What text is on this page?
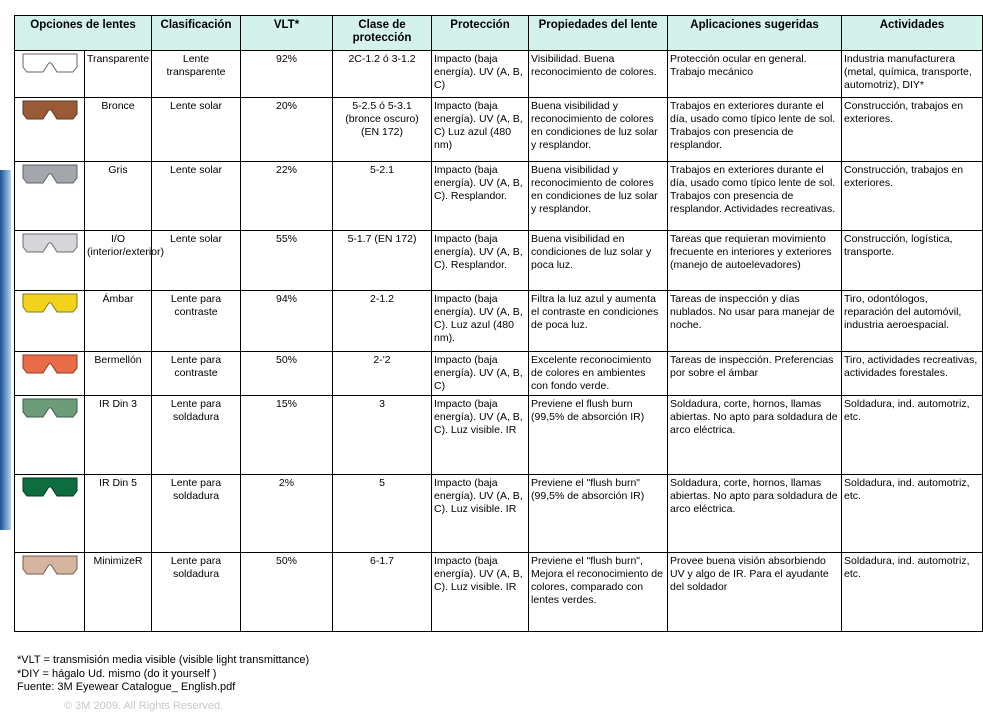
Opciones de lentes		Clasificación	VLT*	Clase de protección	Protección	Propiedades del lente	Aplicaciones sugeridas	Actividades

	Transparente	Lente transparente	92%	2C-1.2 ó 3-1.2	Impacto (baja energía). UV (A, B, C)	Visibilidad. Buena reconocimiento de colores.	Protección ocular en general. Trabajo mecánico	Industria manufacturera (metal, química, transporte, automotriz), DIY*

	Bronce	Lente solar	20%	5-2.5 ó 5-3.1 (bronce oscuro) (EN 172)	Impacto (baja energía). UV (A, B, C) Luz azul (480 nm)	Buena visibilidad y reconocimiento de colores en condiciones de luz solar y resplandor.	Trabajos en exteriores durante el día, usado como típico lente de sol. Trabajos con presencia de resplandor.	Construcción, trabajos en exteriores.

	Gris	Lente solar	22%	5-2.1	Impacto (baja energía). UV (A, B, C). Resplandor.	Buena visibilidad y reconocimiento de colores en condiciones de luz solar y resplandor.	Trabajos en exteriores durante el día, usado como típico lente de sol. Trabajos con presencia de resplandor. Actividades recreativas.	Construcción, trabajos en exteriores.

	I/O (interior/exterior)	Lente solar	55%	5-1.7 (EN 172)	Impacto (baja energía). UV (A, B, C). Resplandor.	Buena visibilidad en condiciones de luz solar y poca luz.	Tareas que requieran movimiento frecuente en interiores y exteriores (manejo de autoelevadores)	Construcción, logística, transporte.

	Ámbar	Lente para contraste	94%	2-1.2	Impacto (baja energía). UV (A, B, C). Luz azul (480 nm).	Filtra la luz azul y aumenta el contraste en condiciones de poca luz.	Tareas de inspección y días nublados. No usar para manejar de noche.	Tiro, odontólogos, reparación del automóvil, industria aeroespacial.

	Bermellón	Lente para contraste	50%	2-'2	Impacto (baja energía). UV (A, B, C)	Excelente reconocimiento de colores en ambientes con fondo verde.	Tareas de inspección. Preferencias por sobre el ámbar	Tiro, actividades recreativas, actividades forestales.

	IR Din 3	Lente para soldadura	15%	3	Impacto (baja energía). UV (A, B, C). Luz visible. IR	Previene el flush burn (99,5% de absorción IR)	Soldadura, corte, hornos, llamas abiertas. No apto para soldadura de arco eléctrica.	Soldadura, ind. automotriz, etc.

	IR Din 5	Lente para soldadura	2%	5	Impacto (baja energía). UV (A, B, C). Luz visible. IR	Previene el "flush burn" (99,5% de absorción IR)	Soldadura, corte, hornos, llamas abiertas. No apto para soldadura de arco eléctrica.	Soldadura, ind. automotriz, etc.

	MinimizeR	Lente para soldadura	50%	6-1.7	Impacto (baja energía). UV (A, B, C). Luz visible. IR	Previene el "flush burn", Mejora el reconocimiento de colores, comparado con lentes verdes.	Provee buena visión absorbiendo UV y algo de IR. Para el ayudante del soldador	Soldadura, ind. automotriz, etc.
*VLT = transmisión media visible (visible light transmittance)
*DIY = hágalo Ud. mismo (do it yourself )
Fuente: 3M Eyewear Catalogue_ English.pdf
© 3M 2009. All Rights Reserved.
